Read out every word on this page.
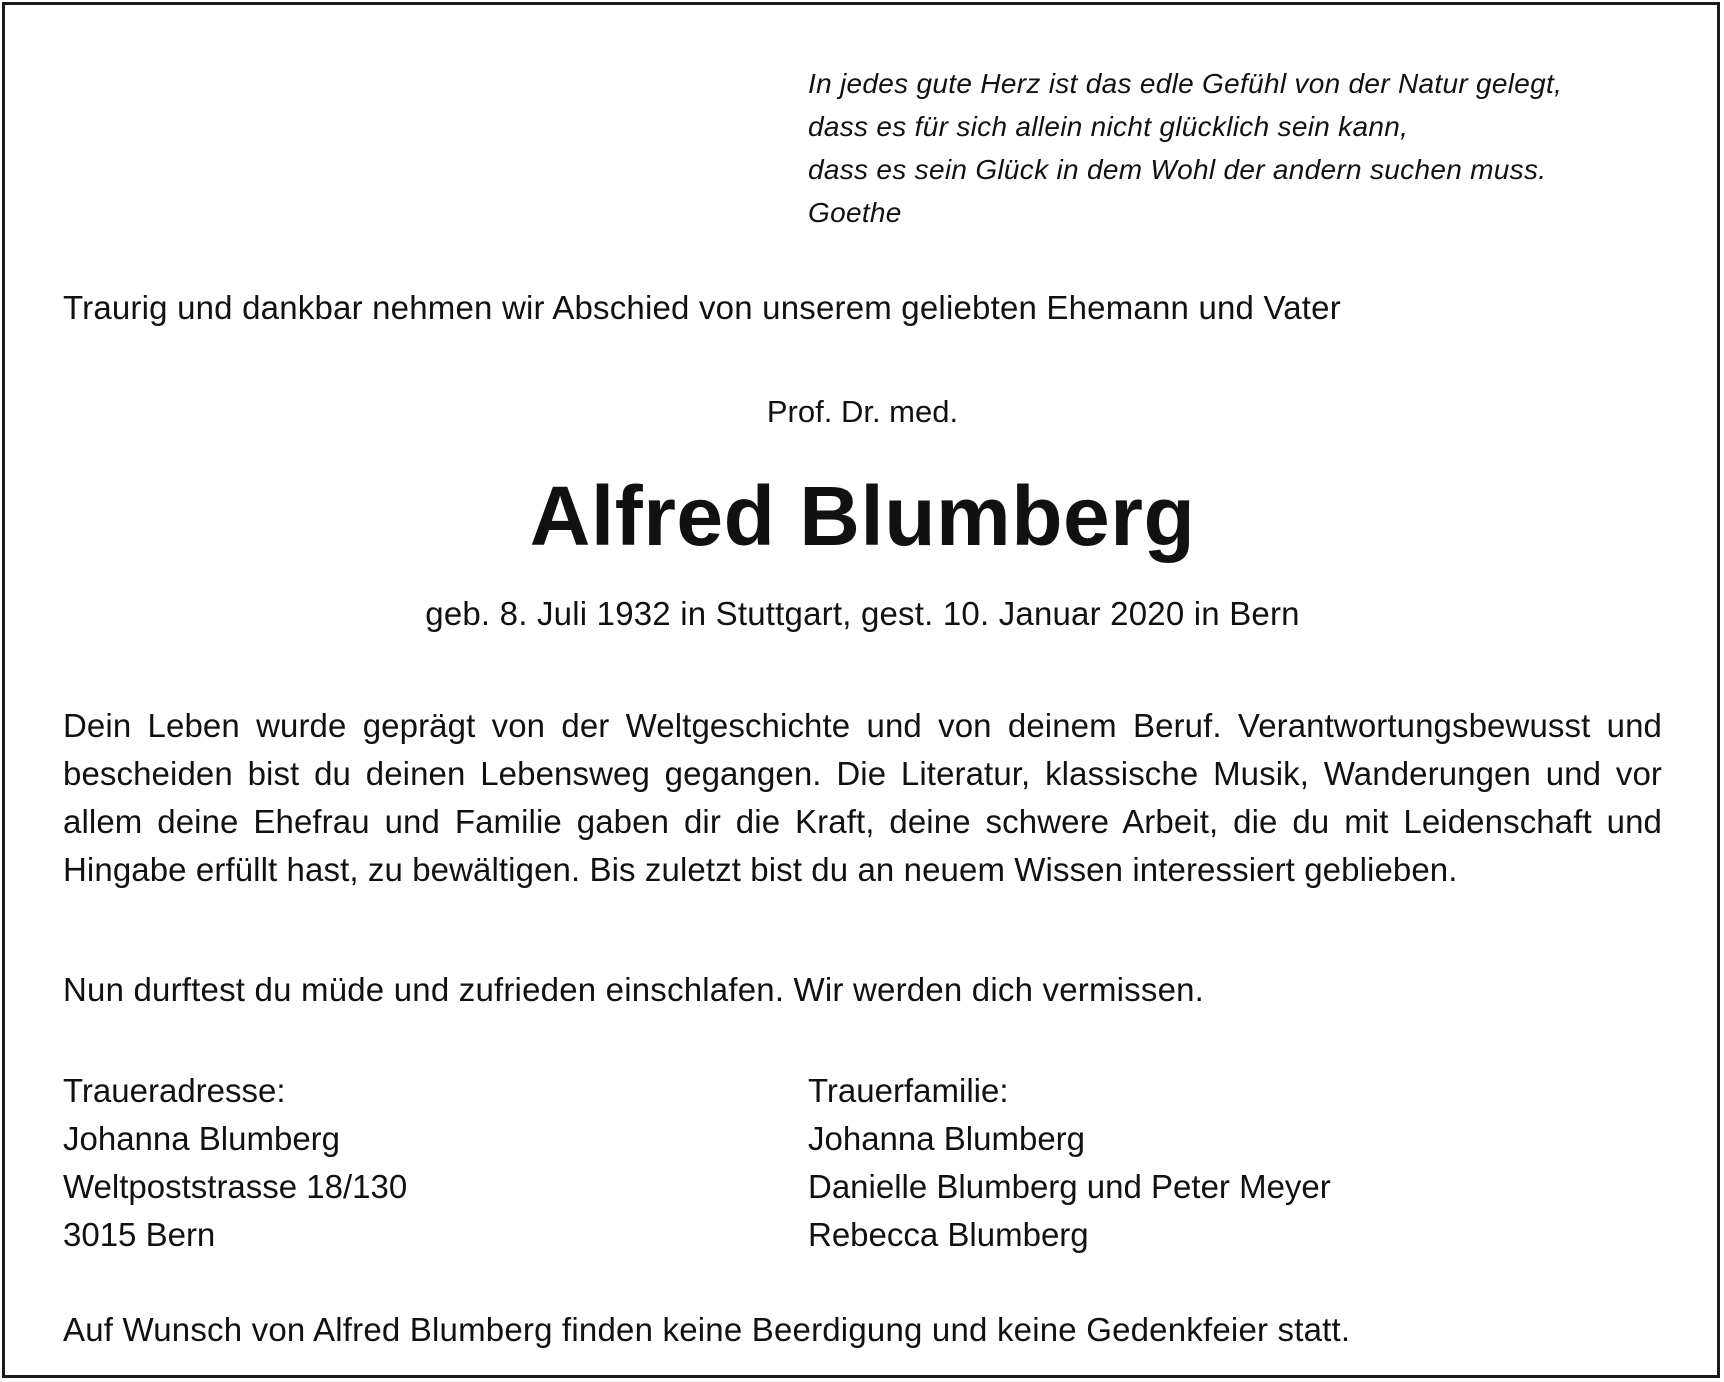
In jedes gute Herz ist das edle Gefühl von der Natur gelegt,
dass es für sich allein nicht glücklich sein kann,
dass es sein Glück in dem Wohl der andern suchen muss.
Goethe
Traurig und dankbar nehmen wir Abschied von unserem geliebten Ehemann und Vater
Prof. Dr. med.
Alfred Blumberg
geb. 8. Juli 1932 in Stuttgart, gest. 10. Januar 2020 in Bern
Dein Leben wurde geprägt von der Weltgeschichte und von deinem Beruf. Verantwortungsbewusst und bescheiden bist du deinen Lebensweg gegangen. Die Literatur, klassische Musik, Wanderungen und vor allem deine Ehefrau und Familie gaben dir die Kraft, deine schwere Arbeit, die du mit Leidenschaft und Hingabe erfüllt hast, zu bewältigen. Bis zuletzt bist du an neuem Wissen interessiert geblieben.
Nun durftest du müde und zufrieden einschlafen. Wir werden dich vermissen.
Traueradresse:
Johanna Blumberg
Weltpoststrasse 18/130
3015 Bern
Trauerfamilie:
Johanna Blumberg
Danielle Blumberg und Peter Meyer
Rebecca Blumberg
Auf Wunsch von Alfred Blumberg finden keine Beerdigung und keine Gedenkfeier statt.
